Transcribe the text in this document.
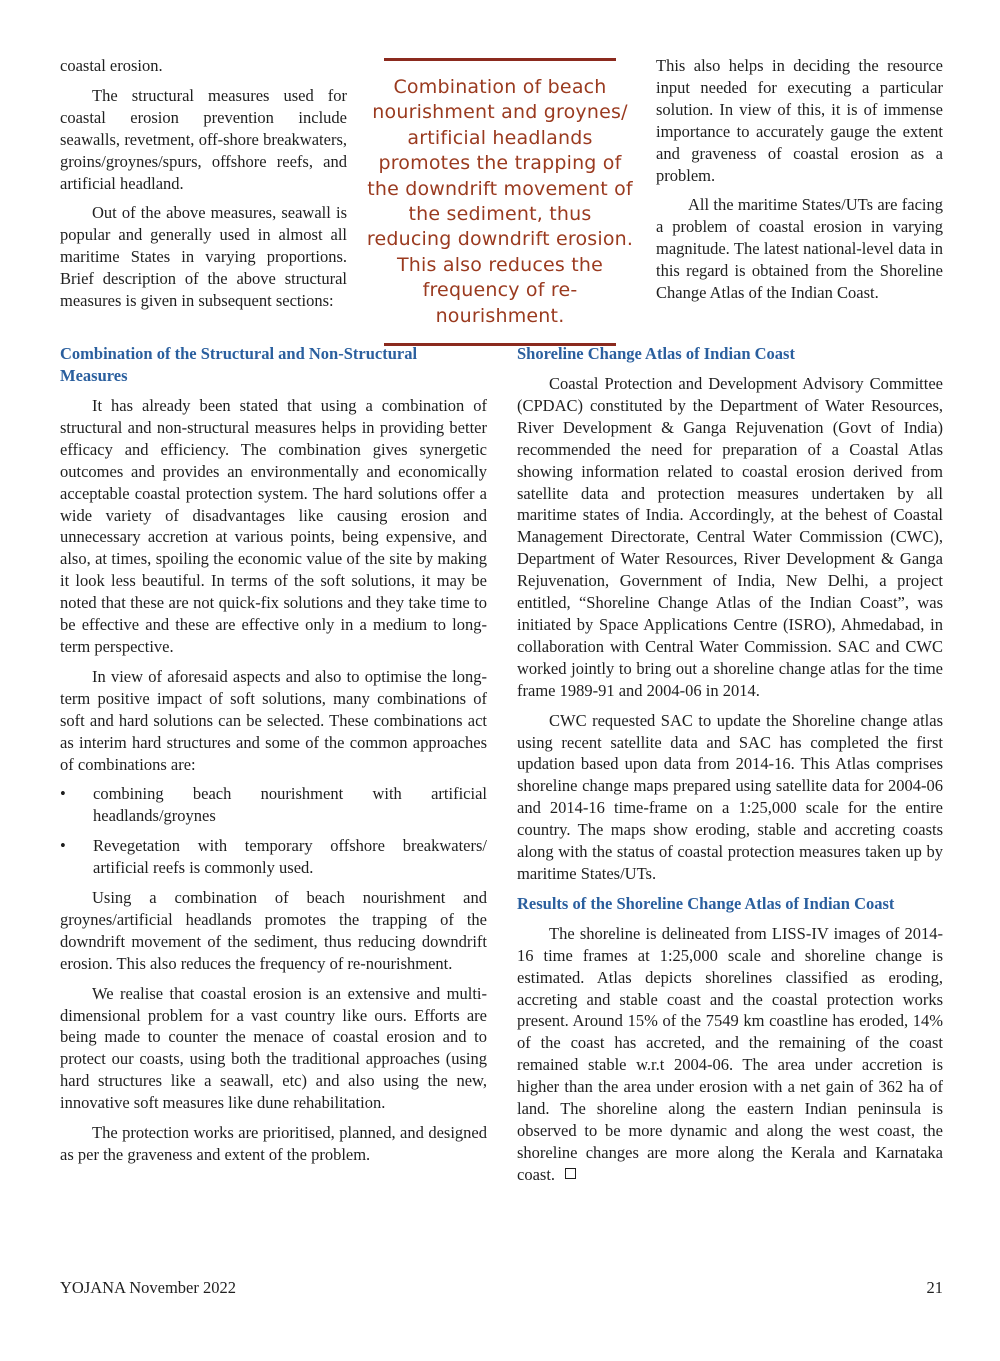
coastal erosion.

The structural measures used for coastal erosion prevention include seawalls, revetment, off-shore breakwaters, groins/groynes/spurs, offshore reefs, and artificial headland.

Out of the above measures, seawall is popular and generally used in almost all maritime States in varying proportions. Brief description of the above structural measures is given in subsequent sections:

Combination of beach nourishment and groynes/ artificial headlands promotes the trapping of the downdrift movement of the sediment, thus reducing downdrift erosion. This also reduces the frequency of re-nourishment.

This also helps in deciding the resource input needed for executing a particular solution. In view of this, it is of immense importance to accurately gauge the extent and graveness of coastal erosion as a problem.

All the maritime States/UTs are facing a problem of coastal erosion in varying magnitude. The latest national-level data in this regard is obtained from the Shoreline Change Atlas of the Indian Coast.

Combination of the Structural and Non-Structural Measures

It has already been stated that using a combination of structural and non-structural measures helps in providing better efficacy and efficiency. The combination gives synergetic outcomes and provides an environmentally and economically acceptable coastal protection system. The hard solutions offer a wide variety of disadvantages like causing erosion and unnecessary accretion at various points, being expensive, and also, at times, spoiling the economic value of the site by making it look less beautiful. In terms of the soft solutions, it may be noted that these are not quick-fix solutions and they take time to be effective and these are effective only in a medium to long-term perspective.

In view of aforesaid aspects and also to optimise the long-term positive impact of soft solutions, many combinations of soft and hard solutions can be selected. These combinations act as interim hard structures and some of the common approaches of combinations are:

• combining beach nourishment with artificial headlands/groynes
• Revegetation with temporary offshore breakwaters/ artificial reefs is commonly used.

Using a combination of beach nourishment and groynes/artificial headlands promotes the trapping of the downdrift movement of the sediment, thus reducing downdrift erosion. This also reduces the frequency of re-nourishment.

We realise that coastal erosion is an extensive and multi-dimensional problem for a vast country like ours. Efforts are being made to counter the menace of coastal erosion and to protect our coasts, using both the traditional approaches (using hard structures like a seawall, etc) and also using the new, innovative soft measures like dune rehabilitation.

The protection works are prioritised, planned, and designed as per the graveness and extent of the problem.

Shoreline Change Atlas of Indian Coast

Coastal Protection and Development Advisory Committee (CPDAC) constituted by the Department of Water Resources, River Development & Ganga Rejuvenation (Govt of India) recommended the need for preparation of a Coastal Atlas showing information related to coastal erosion derived from satellite data and protection measures undertaken by all maritime states of India. Accordingly, at the behest of Coastal Management Directorate, Central Water Commission (CWC), Department of Water Resources, River Development & Ganga Rejuvenation, Government of India, New Delhi, a project entitled, “Shoreline Change Atlas of the Indian Coast”, was initiated by Space Applications Centre (ISRO), Ahmedabad, in collaboration with Central Water Commission. SAC and CWC worked jointly to bring out a shoreline change atlas for the time frame 1989-91 and 2004-06 in 2014.

CWC requested SAC to update the Shoreline change atlas using recent satellite data and SAC has completed the first updation based upon data from 2014-16. This Atlas comprises shoreline change maps prepared using satellite data for 2004-06 and 2014-16 time-frame on a 1:25,000 scale for the entire country. The maps show eroding, stable and accreting coasts along with the status of coastal protection measures taken up by maritime States/UTs.

Results of the Shoreline Change Atlas of Indian Coast

The shoreline is delineated from LISS-IV images of 2014-16 time frames at 1:25,000 scale and shoreline change is estimated. Atlas depicts shorelines classified as eroding, accreting and stable coast and the coastal protection works present. Around 15% of the 7549 km coastline has eroded, 14% of the coast has accreted, and the remaining of the coast remained stable w.r.t 2004-06. The area under accretion is higher than the area under erosion with a net gain of 362 ha of land. The shoreline along the eastern Indian peninsula is observed to be more dynamic and along the west coast, the shoreline changes are more along the Kerala and Karnataka coast.

YOJANA November 2022	21
